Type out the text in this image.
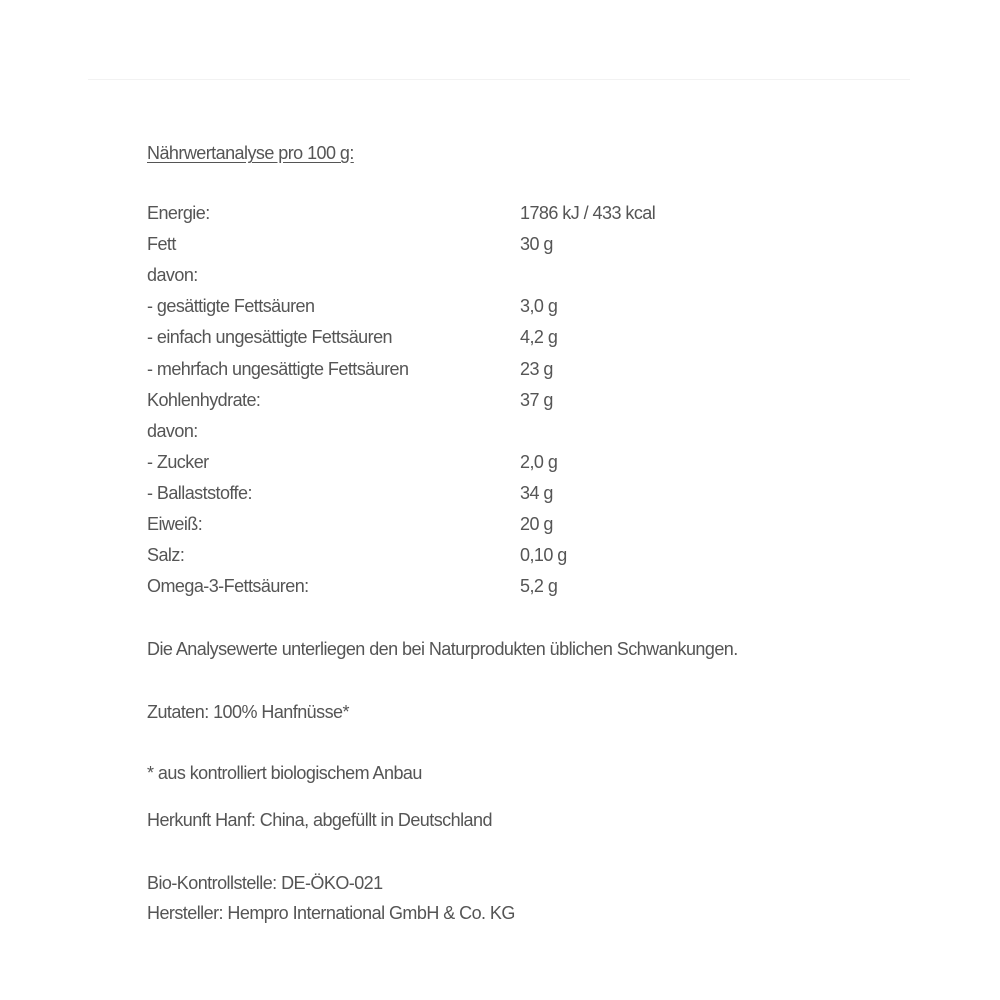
Nährwertanalyse pro 100 g:
Energie:	1786 kJ / 433 kcal
Fett	30 g
davon:
- gesättigte Fettsäuren	3,0 g
- einfach ungesättigte Fettsäuren	4,2 g
- mehrfach ungesättigte Fettsäuren	23 g
Kohlenhydrate:	37 g
davon:
- Zucker	2,0 g
- Ballaststoffe:	34 g
Eiweiß:	20 g
Salz:	0,10 g
Omega-3-Fettsäuren:	5,2 g
Die Analysewerte unterliegen den bei Naturprodukten üblichen Schwankungen.
Zutaten: 100% Hanfnüsse*
* aus kontrolliert biologischem Anbau
Herkunft Hanf: China, abgefüllt in Deutschland
Bio-Kontrollstelle: DE-ÖKO-021
Hersteller: Hempro International GmbH & Co. KG
